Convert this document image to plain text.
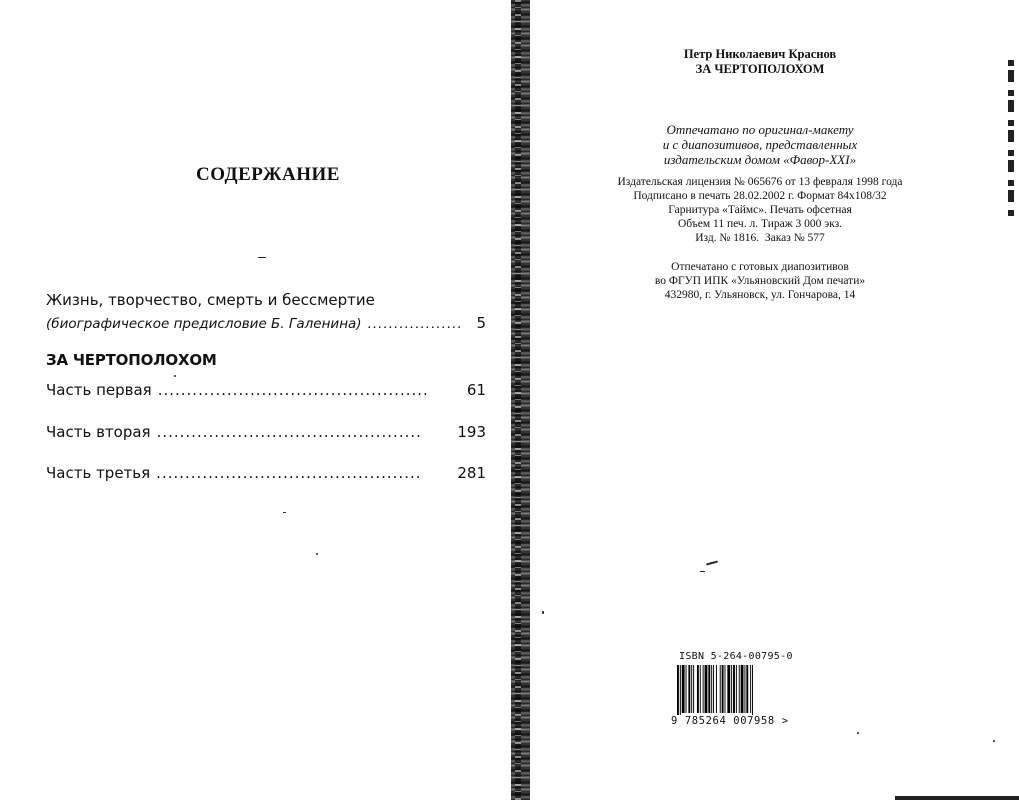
СОДЕРЖАНИЕ
Жизнь, творчество, смерть и бессмертие
(биографическое предисловие Б. Галенина) .................. 5
ЗА ЧЕРТОПОЛОХОМ
Часть первая ...............................................	61
Часть вторая ..............................................	193
Часть третья ..............................................	281
Петр Николаевич Краснов
ЗА ЧЕРТОПОЛОХОМ
Отпечатано по оригинал-макету
и с диапозитивов, представленных
издательским домом «Фавор-XXI»
Издательская лицензия № 065676 от 13 февраля 1998 года
Подписано в печать 28.02.2002 г. Формат 84x108/32
Гарнитура «Таймс». Печать офсетная
Объем 11 печ. л. Тираж 3 000 экз.
Изд. № 1816.  Заказ № 577
Отпечатано с готовых диапозитивов
во ФГУП ИПК «Ульяновский Дом печати»
432980, г. Ульяновск, ул. Гончарова, 14
ISBN 5-264-00795-0
9 785264 007958 >
